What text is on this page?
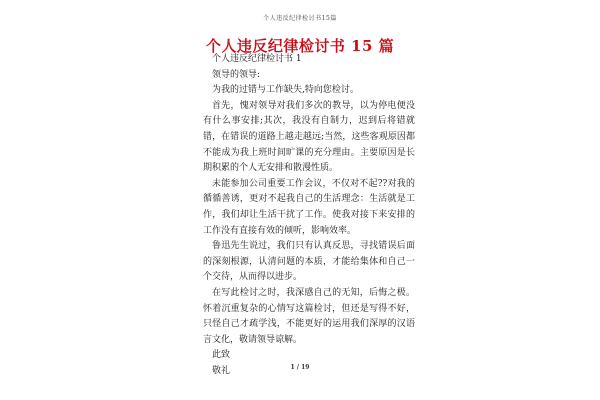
个人违反纪律检讨书15篇
个人违反纪律检讨书 15 篇

个人违反纪律检讨书 1

领导的领导:

为我的过错与工作缺失,特向您检讨。

首先，愧对领导对我们多次的教导，以为停电便没有什么事安排;其次，我没有自制力，迟到后将错就错，在错误的道路上越走越远;当然，这些客观原因都不能成为我上班时间旷课的充分理由。主要原因是长期积累的个人无安排和散漫性质。

未能参加公司重要工作会议，不仅对不起??对我的循循善诱，更对不起我自己的生活理念：生活就是工作，我们却让生活干扰了工作。使我对接下来安排的工作没有直接有效的倾听，影响效率。

鲁迅先生说过，我们只有认真反思，寻找错误后面的深刻根源，认清问题的本质，才能给集体和自己一个交待，从而得以进步。

在写此检讨之时，我深感自己的无知，后悔之极。 怀着沉重复杂的心情写这篇检讨，但还是写得不好，只怪自己才疏学浅，不能更好的运用我们深厚的汉语言文化，敬请领导谅解。

此致

敬礼	1 / 19
